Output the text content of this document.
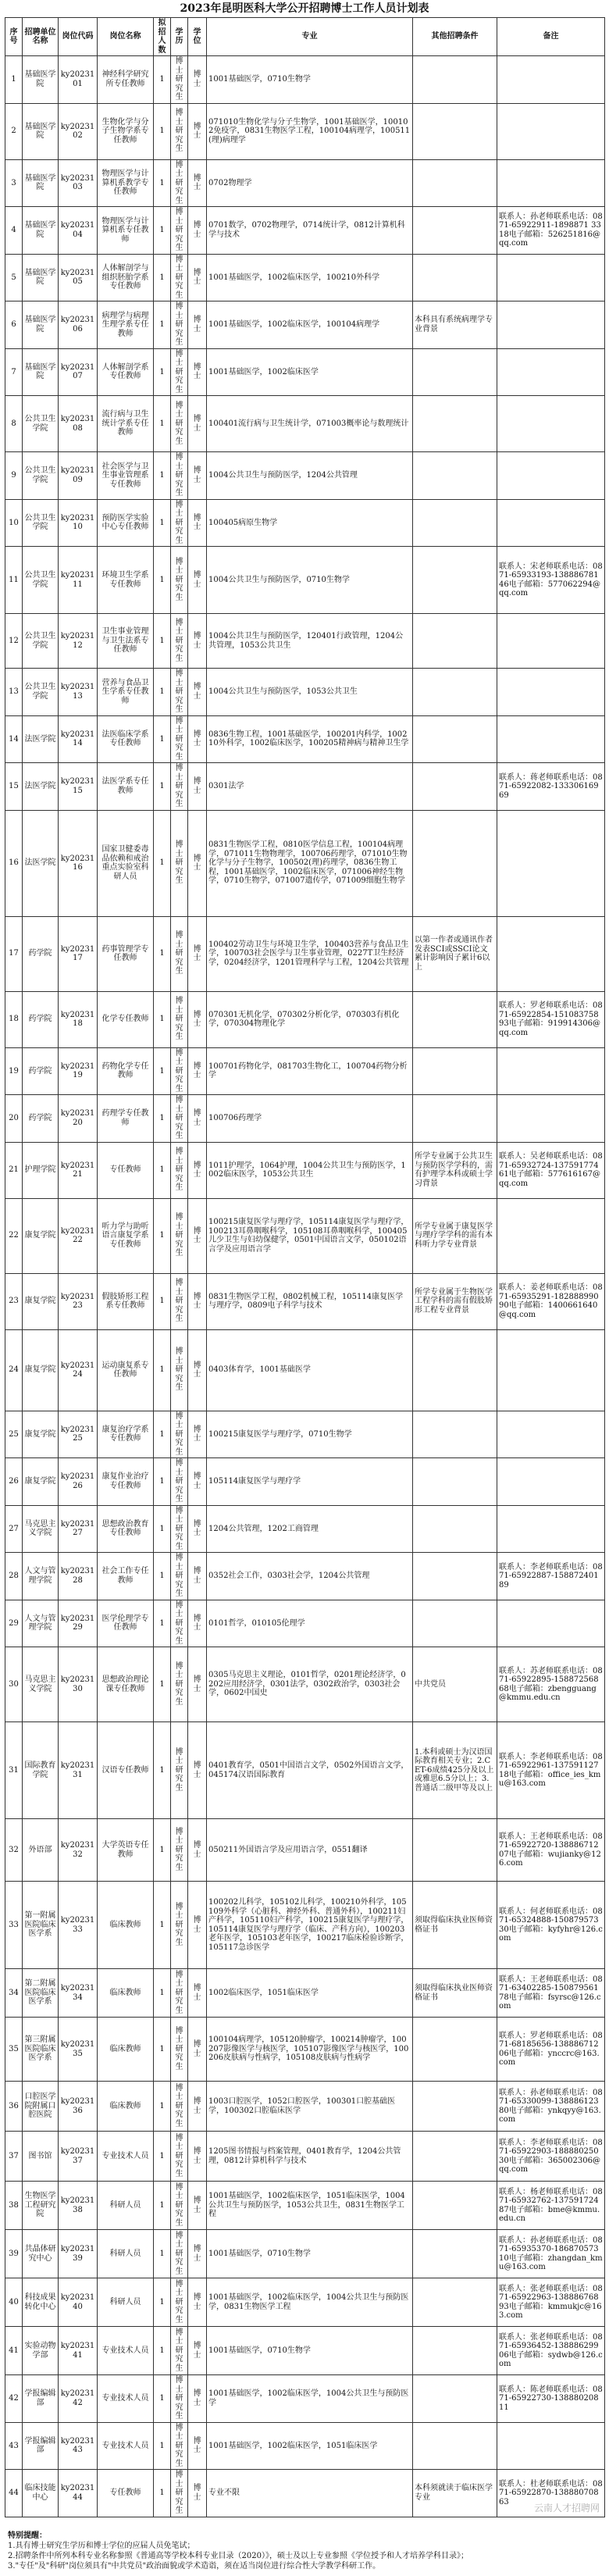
2023年昆明医科大学公开招聘博士工作人员计划表
序号	招聘单位名称	岗位代码	岗位名称	拟招人数	学历	学位	专业	其他招聘条件	备注
1	基础医学院	ky2023101	神经科学研究所专任教师	1	博士研究生	博士	1001基础医学，0710生物学		
2	基础医学院	ky2023102	生物化学与分子生物学系专任教师	1	博士研究生	博士	071010生物化学与分子生物学，1001基础医学，100102免疫学，0831生物医学工程，100104病理学，100511(理)病理学		
3	基础医学院	ky2023103	物理医学与计算机系教学专任教师	1	博士研究生	博士	0702物理学		
4	基础医学院	ky2023104	物理医学与计算机系专任教师	1	博士研究生	博士	0701数学，0702物理学，0714统计学，0812计算机科学与技术		联系人：孙老师联系电话：0871-65922911-1898871 3318电子邮箱：526251816@qq.com
5	基础医学院	ky2023105	人体解剖学与组织胚胎学系专任教师	1	博士研究生	博士	1001基础医学，1002临床医学，100210外科学		
6	基础医学院	ky2023106	病理学与病理生理学系专任教师	1	博士研究生	博士	1001基础医学，1002临床医学，100104病理学	本科具有系统病理学专业背景	
7	基础医学院	ky2023107	人体解剖学系专任教师	1	博士研究生	博士	1001基础医学，1002临床医学		
8	公共卫生学院	ky2023108	流行病与卫生统计学系专任教师	1	博士研究生	博士	100401流行病与卫生统计学，071003概率论与数理统计		
9	公共卫生学院	ky2023109	社会医学与卫生事业管理系专任教师	1	博士研究生	博士	1004公共卫生与预防医学，1204公共管理		
10	公共卫生学院	ky2023110	预防医学实验中心专任教师	1	博士研究生	博士	100405病原生物学		
11	公共卫生学院	ky2023111	环境卫生学系专任教师	1	博士研究生	博士	1004公共卫生与预防医学，0710生物学		联系人：宋老师联系电话：0871-65933193-13888678146电子邮箱：577062294@qq.com
12	公共卫生学院	ky2023112	卫生事业管理与卫生法系专任教师	1	博士研究生	博士	1004公共卫生与预防医学，120401行政管理，1204公共管理，1053公共卫生		
13	公共卫生学院	ky2023113	营养与食品卫生学系专任教师	1	博士研究生	博士	1004公共卫生与预防医学，1053公共卫生		
14	法医学院	ky2023114	法医临床学系专任教师	1	博士研究生	博士	0836生物工程，1001基础医学，100201内科学，100210外科学，1002临床医学，100205精神病与精神卫生学		
15	法医学院	ky2023115	法医学系专任教师	1	博士研究生	博士	0301法学		联系人：蒋老师联系电话：0871-65922082-13330616969
16	法医学院	ky2023116	国家卫健委毒品依赖和戒治重点实验室科研人员	1	博士研究生	博士	0831生物医学工程，0810医学信息工程，100104病理学，071011生物物理学，100706药理学，071010生物化学与分子生物学，100502(理)药理学，0836生物工程，1001基础医学，1002临床医学，071006神经生物学，0710生物学，071007遗传学，071009细胞生物学		
17	药学院	ky2023117	药事管理学专任教师	1	博士研究生	博士	100402劳动卫生与环境卫生学，100403营养与食品卫生学，100703社会医学与卫生事业管理，0227T卫生经济学，0204经济学，1201管理科学与工程，1204公共管理	以第一作者或通讯作者发表SCI或SSCI论文累计影响因子累计6以上	
18	药学院	ky2023118	化学专任教师	1	博士研究生	博士	070301无机化学，070302分析化学，070303有机化学，070304物理化学		联系人：罗老师联系电话：0871-65922854-15108375893电子邮箱：919914306@qq.com
19	药学院	ky2023119	药物化学专任教师	1	博士研究生	博士	100701药物化学，081703生物化工，100704药物分析学		
20	药学院	ky2023120	药理学专任教师	1	博士研究生	博士	100706药理学		
21	护理学院	ky2023121	专任教师	1	博士研究生	博士	1011护理学，1064护理，1004公共卫生与预防医学，1002临床医学，1053公共卫生	所学专业属于公共卫生与预防医学学科的，需有护理学本科或硕士学习背景	联系人：吴老师联系电话：0871-65932724-13759177461电子邮箱：577616167@qq.com
22	康复学院	ky2023122	听力学与助听语言康复学系专任教师	1	博士研究生	博士	100215康复医学与理疗学，105114康复医学与理疗学，100213耳鼻咽喉科学，105108耳鼻咽喉科学，100405儿少卫生与妇幼保健学，0501中国语言文学，050102语言学及应用语言学	所学专业属于康复医学与理疗学学科的需有本科听力学专业背景	
23	康复学院	ky2023123	假肢矫形工程系专任教师	1	博士研究生	博士	0831生物医学工程，0802机械工程，105114康复医学与理疗学，0809电子科学与技术	所学专业属于生物医学工程学科的需有假肢矫形工程专业背景	联系人：姜老师联系电话：0871-65935291-18288899090电子邮箱：1400661640@qq.com
24	康复学院	ky2023124	运动康复系专任教师	1	博士研究生	博士	0403体育学，1001基础医学		
25	康复学院	ky2023125	康复治疗学系专任教师	1	博士研究生	博士	100215康复医学与理疗学，0710生物学		
26	康复学院	ky2023126	康复作业治疗专任教师	1	博士研究生	博士	105114康复医学与理疗学		
27	马克思主义学院	ky2023127	思想政治教育专任教师	1	博士研究生	博士	1204公共管理，1202工商管理		
28	人文与管理学院	ky2023128	社会工作专任教师	1	博士研究生	博士	0352社会工作，0303社会学，1204公共管理		联系人：李老师联系电话：0871-65922887-15887240189
29	人文与管理学院	ky2023129	医学伦理学专任教师	1	博士研究生	博士	0101哲学，010105伦理学		
30	马克思主义学院	ky2023130	思想政治理论课专任教师	1	博士研究生	博士	0305马克思主义理论，0101哲学，0201理论经济学，0202应用经济学，0301法学，0302政治学，0303社会学，0602中国史	中共党员	联系人：苏老师联系电话：0871-65922895-15887256868电子邮箱：zbengguang@kmmu.edu.cn
31	国际教育学院	ky2023131	汉语专任教师	1	博士研究生	博士	0401教育学，0501中国语言文学，0502外国语言文学，045174汉语国际教育	1.本科或硕士为汉语国际教育相关专业；2.CET-6成绩425分及以上或雅思6.5分以上；3.普通话二级甲等及以上	联系人：李老师联系电话：0871-65922961-13759112718电子邮箱：office_ies_kmu@163.com
32	外语部	ky2023132	大学英语专任教师	1	博士研究生	博士	050211外国语言学及应用语言学，0551翻译		联系人：王老师联系电话：0871-65922720-13888671207电子邮箱：wujianky@126.com
33	第一附属医院临床医学系	ky2023133	临床教师	1	博士研究生	博士	100202儿科学，105102儿科学，100210外科学，105109外科学（心脏科、神经外科、普通外科），100211妇产科学，105110妇产科学，100215康复医学与理疗学，105114康复医学与理疗学（临床、产科方向），100203老年医学，105103老年医学，100217临床检验诊断学，105117急诊医学	须取得临床执业医师资格证书	联系人：何老师联系电话：0871-65324888-15087957330电子邮箱：kyfyhr@126.com
34	第二附属医院临床医学系	ky2023134	临床教师	1	博士研究生	博士	1002临床医学，1051临床医学	须取得临床执业医师资格证书	联系人：王老师联系电话：0871-63402285-15087956178电子邮箱：fsyrsc@126.com
35	第三附属医院临床医学系	ky2023135	临床教师	1	博士研究生	博士	100104病理学，105120肿瘤学，100214肿瘤学，100207影像医学与核医学，105107影像医学与核医学，100206皮肤病与性病学，105108皮肤病与性病学		联系人：罗老师联系电话：0871-68185656-13888671206电子邮箱：ynccrc@163.com
36	口腔医学院附属口腔医院	ky2023136	临床教师	1	博士研究生	博士	1003口腔医学，1052口腔医学，100301口腔基础医学，100302口腔临床医学		联系人：孙老师联系电话：0871-65330099-13888612380电子邮箱：ynkqyy@163.com
37	图书馆	ky2023137	专业技术人员	1	博士研究生	博士	1205图书情报与档案管理，0401教育学，1204公共管理，0812计算机科学与技术		联系人：李老师联系电话：0871-65922903-18888025030电子邮箱：365002306@qq.com
38	生物医学工程研究院	ky2023138	科研人员	1	博士研究生	博士	1001基础医学，1002临床医学，1051临床医学，1004公共卫生与预防医学，1053公共卫生，0831生物医学工程		联系人：杨老师联系电话：0871-65932762-13759172487电子邮箱：bme@kmmu.edu.cn
39	共晶体研究中心	ky2023139	科研人员	1	博士研究生	博士	1001基础医学，0710生物学		联系人：孙老师联系电话：0871-65935370-18687057310电子邮箱：zhangdan_kmu@163.com
40	科技成果转化中心	ky2023140	科研人员	1	博士研究生	博士	1001基础医学，1002临床医学，1004公共卫生与预防医学，0831生物医学工程		联系人：张老师联系电话：0871-65922963-13888676893电子邮箱：kmmukjc@163.com
41	实验动物学部	ky2023141	专业技术人员	1	博士研究生	博士	1001基础医学，0710生物学		联系人：张老师联系电话：0871-65936452-13888629906电子邮箱：sydwb@126.com
42	学报编辑部	ky2023142	专业技术人员	1	博士研究生	博士	1001基础医学，1002临床医学，1004公共卫生与预防医学		联系人：陈老师联系电话：0871-65922730-13888020811
43	学报编辑部	ky2023143	专业技术人员	1	博士研究生	博士	1001基础医学，1002临床医学，1051临床医学		
44	临床技能中心	ky2023144	专任教师	1	博士研究生	博士	专业不限	本科须就读于临床医学专业	联系人：杜老师联系电话：0871-65922870-13888070863
特别提醒：
1.具有博士研究生学历和博士学位的应届人员免笔试；
2.招聘条件中所列本科专业名称参照《普通高等学校本科专业目录（2020）》，硕士及以上专业参照《学位授予和人才培养学科目录》；
3."专任"及"科研"岗位须具有"中共党员"政治面貌或学术造诣，须在适当岗位进行综合性大学教学科研工作。
云南人才招聘网
